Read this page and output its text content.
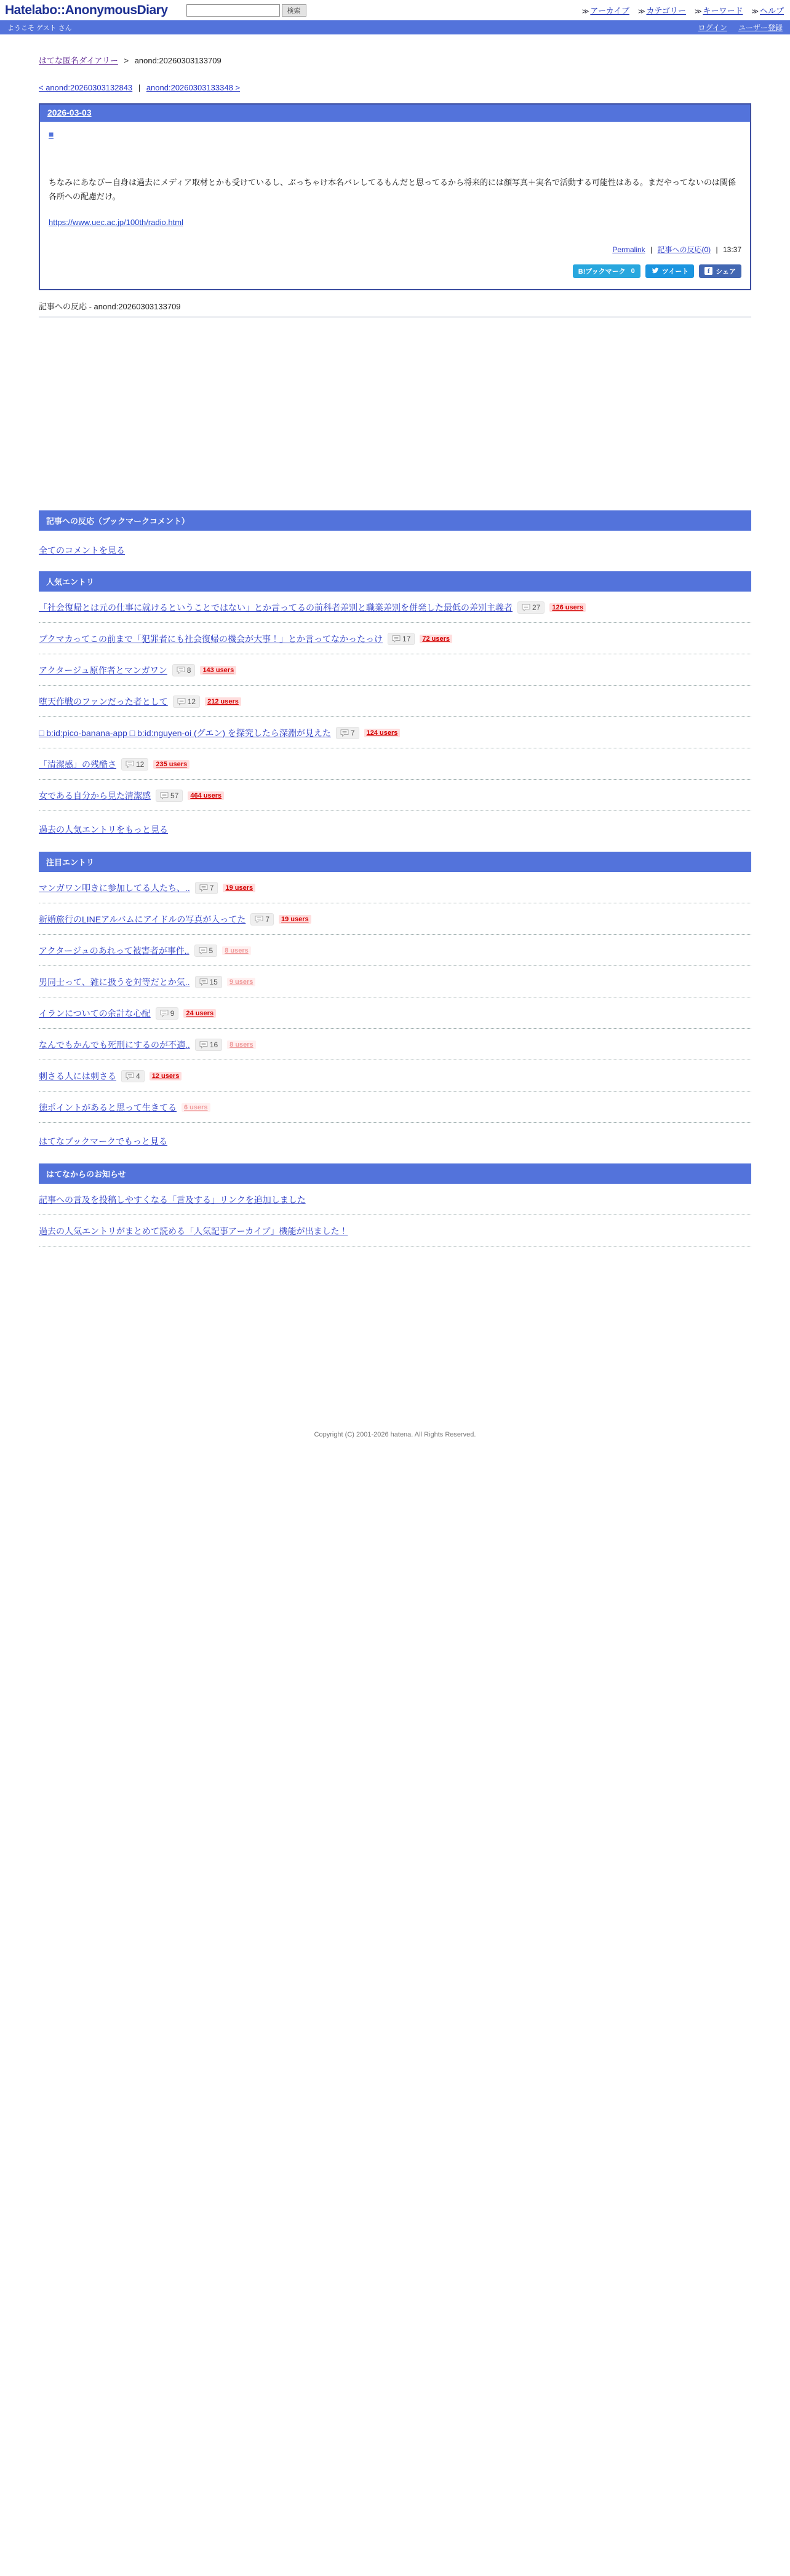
Hatelabo::AnonymousDiary	検索	≫ アーカイブ ≫ カテゴリー ≫ キーワード ≫ ヘルプ
ようこそ ゲスト さん	ログイン ユーザー登録
はてな匿名ダイアリー > anond:20260303133709
< anond:20260303132843 | anond:20260303133348 >
2026-03-03
■

ちなみにあなぴー自身は過去にメディア取材とかも受けているし、ぶっちゃけ本名バレしてるもんだと思ってるから将来的には顔写真＋実名で活動する可能性はある。まだやってないのは関係各所への配慮だけ。

https://www.uec.ac.jp/100th/radio.html
Permalink | 記事への反応(0) | 13:37
B!ブックマーク 0	ツイート	f シェア
記事への反応 - anond:20260303133709
記事への反応（ブックマークコメント）
全てのコメントを見る
人気エントリ
「社会復帰とは元の仕事に就けるということではない」とか言ってるの前科者差別と職業差別を併発した最低の差別主義者	27	126 users
ブクマカってこの前まで「犯罪者にも社会復帰の機会が大事！」とか言ってなかったっけ	17	72 users
アクタージュ原作者とマンガワン	8	143 users
堕天作戦のファンだった者として	12	212 users
□ b:id:pico-banana-app □ b:id:nguyen-oi (グエン) を探究したら深淵が見えた	7	124 users
「清潔感」の残酷さ	12	235 users
女である自分から見た清潔感	57	464 users
過去の人気エントリをもっと見る
注目エントリ
マンガワン叩きに参加してる人たち、..	7	19 users
新婚旅行のLINEアルバムにアイドルの写真が入ってた	7	19 users
アクタージュのあれって被害者が事件..	5	8 users
男同士って、雑に扱うを対等だとか気..	15	9 users
イランについての余計な心配	9	24 users
なんでもかんでも死刑にするのが不適..	16	8 users
刺さる人には刺さる	4	12 users
徳ポイントがあると思って生きてる	6 users
はてなブックマークでもっと見る
はてなからのお知らせ
記事への言及を投稿しやすくなる「言及する」リンクを追加しました
過去の人気エントリがまとめて読める「人気記事アーカイブ」機能が出ました！
Copyright (C) 2001-2026 hatena. All Rights Reserved.
